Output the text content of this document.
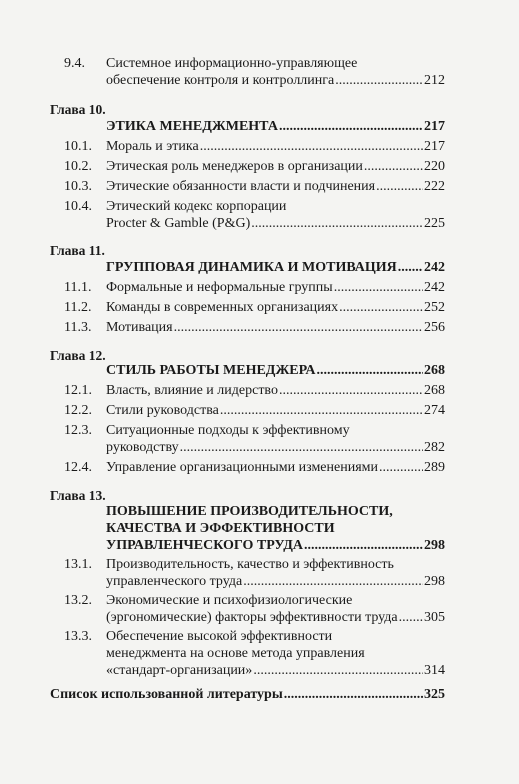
9.4.	Системное информационно-управляющее
обеспечение контроля и контроллинга .....	212
Глава 10.
ЭТИКА МЕНЕДЖМЕНТА .....	217
10.1.	Мораль и этика .....	217
10.2.	Этическая роль менеджеров в организации .....	220
10.3.	Этические обязанности власти и подчинения .....	222
10.4.	Этический кодекс корпорации
Procter & Gamble (P&G) .....	225
Глава 11.
ГРУППОВАЯ ДИНАМИКА И МОТИВАЦИЯ ..... 242
11.1.	Формальные и неформальные группы .....	242
11.2.	Команды в современных организациях .....	252
11.3.	Мотивация .....	256
Глава 12.
СТИЛЬ РАБОТЫ МЕНЕДЖЕРА .....	268
12.1.	Власть, влияние и лидерство .....	268
12.2.	Стили руководства .....	274
12.3.	Ситуационные подходы к эффективному
руководству .....	282
12.4.	Управление организационными изменениями .....	289
Глава 13.
ПОВЫШЕНИЕ ПРОИЗВОДИТЕЛЬНОСТИ,
КАЧЕСТВА И ЭФФЕКТИВНОСТИ
УПРАВЛЕНЧЕСКОГО ТРУДА .....	298
13.1.	Производительность, качество и эффективность
управленческого труда .....	298
13.2.	Экономические и психофизиологические
(эргономические) факторы эффективности труда ..... 305
13.3.	Обеспечение высокой эффективности
менеджмента на основе метода управления
«стандарт-организации» .....	314
Список использованной литературы .....	325
